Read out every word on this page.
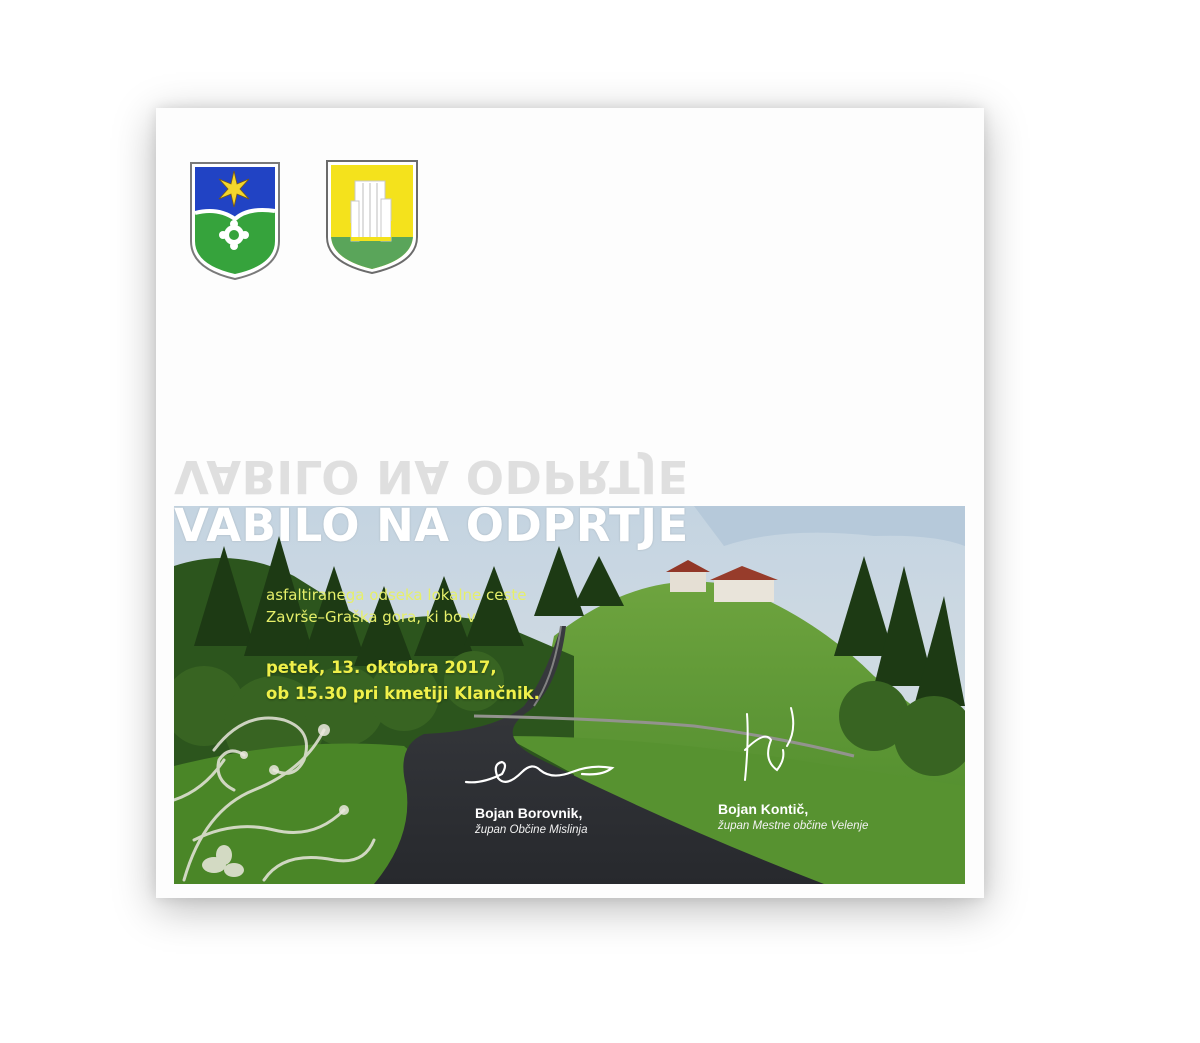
VABILO NA ODPRTJE
VABILO NA ODPRTJE
asfaltiranega odseka lokalne ceste
Završe–Graška gora, ki bo v
petek, 13. oktobra 2017,
ob 15.30 pri kmetiji Klančnik.
Bojan Borovnik,
župan Občine Mislinja
Bojan Kontič,
župan Mestne občine Velenje
